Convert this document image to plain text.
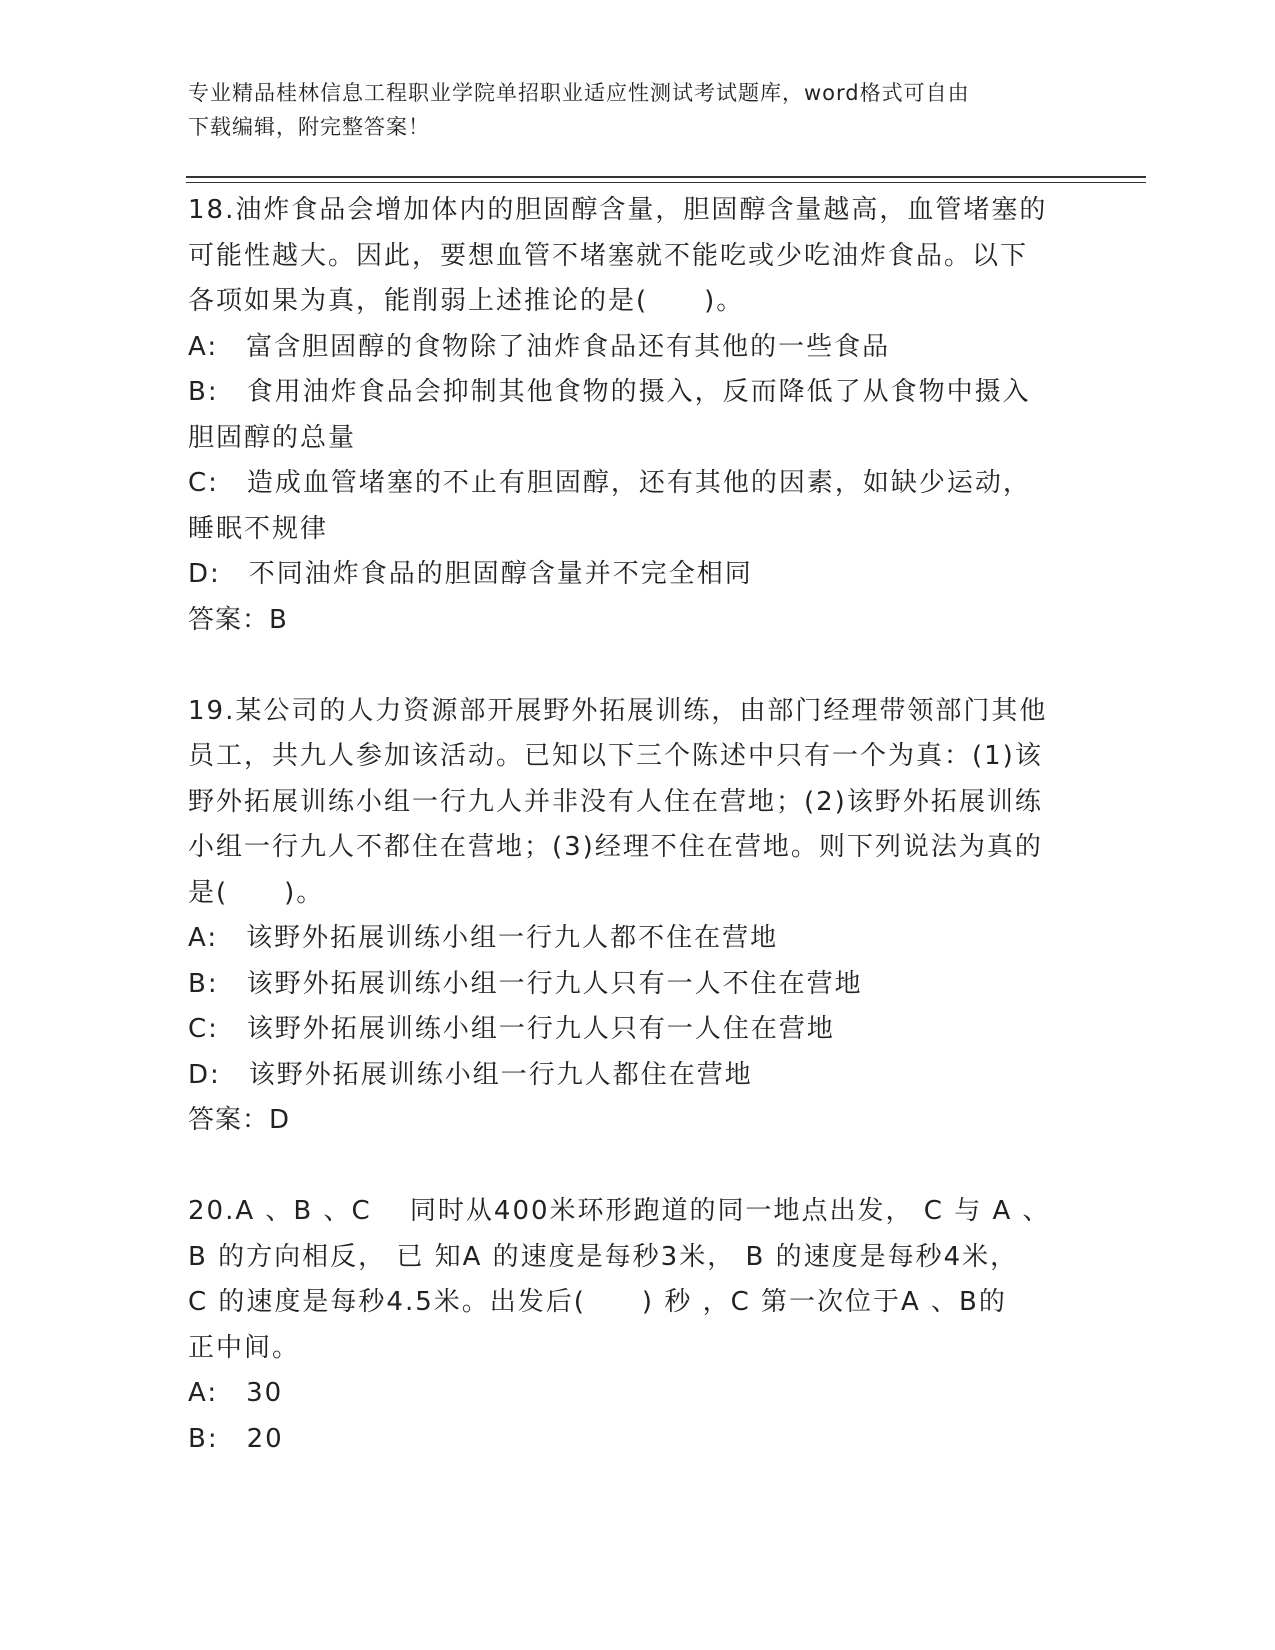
专业精品桂林信息工程职业学院单招职业适应性测试考试题库，word格式可自由
下载编辑，附完整答案！
18.油炸食品会增加体内的胆固醇含量，胆固醇含量越高，血管堵塞的
可能性越大。因此，要想血管不堵塞就不能吃或少吃油炸食品。以下
各项如果为真，能削弱上述推论的是(　　)。
A:　富含胆固醇的食物除了油炸食品还有其他的一些食品
B:　食用油炸食品会抑制其他食物的摄入，反而降低了从食物中摄入
胆固醇的总量
C:　造成血管堵塞的不止有胆固醇，还有其他的因素，如缺少运动，
睡眠不规律
D:　不同油炸食品的胆固醇含量并不完全相同
答案：B
19.某公司的人力资源部开展野外拓展训练，由部门经理带领部门其他
员工，共九人参加该活动。已知以下三个陈述中只有一个为真：(1)该
野外拓展训练小组一行九人并非没有人住在营地；(2)该野外拓展训练
小组一行九人不都住在营地；(3)经理不住在营地。则下列说法为真的
是(　　)。
A:　该野外拓展训练小组一行九人都不住在营地
B:　该野外拓展训练小组一行九人只有一人不住在营地
C:　该野外拓展训练小组一行九人只有一人住在营地
D:　该野外拓展训练小组一行九人都住在营地
答案：D
20.A 、B 、C　 同时从400米环形跑道的同一地点出发， C 与 A 、
B 的方向相反， 已 知A 的速度是每秒3米， B 的速度是每秒4米，
C 的速度是每秒4.5米。出发后(　　) 秒 ，C 第一次位于A 、B的
正中间。
A:　30
B:　20
